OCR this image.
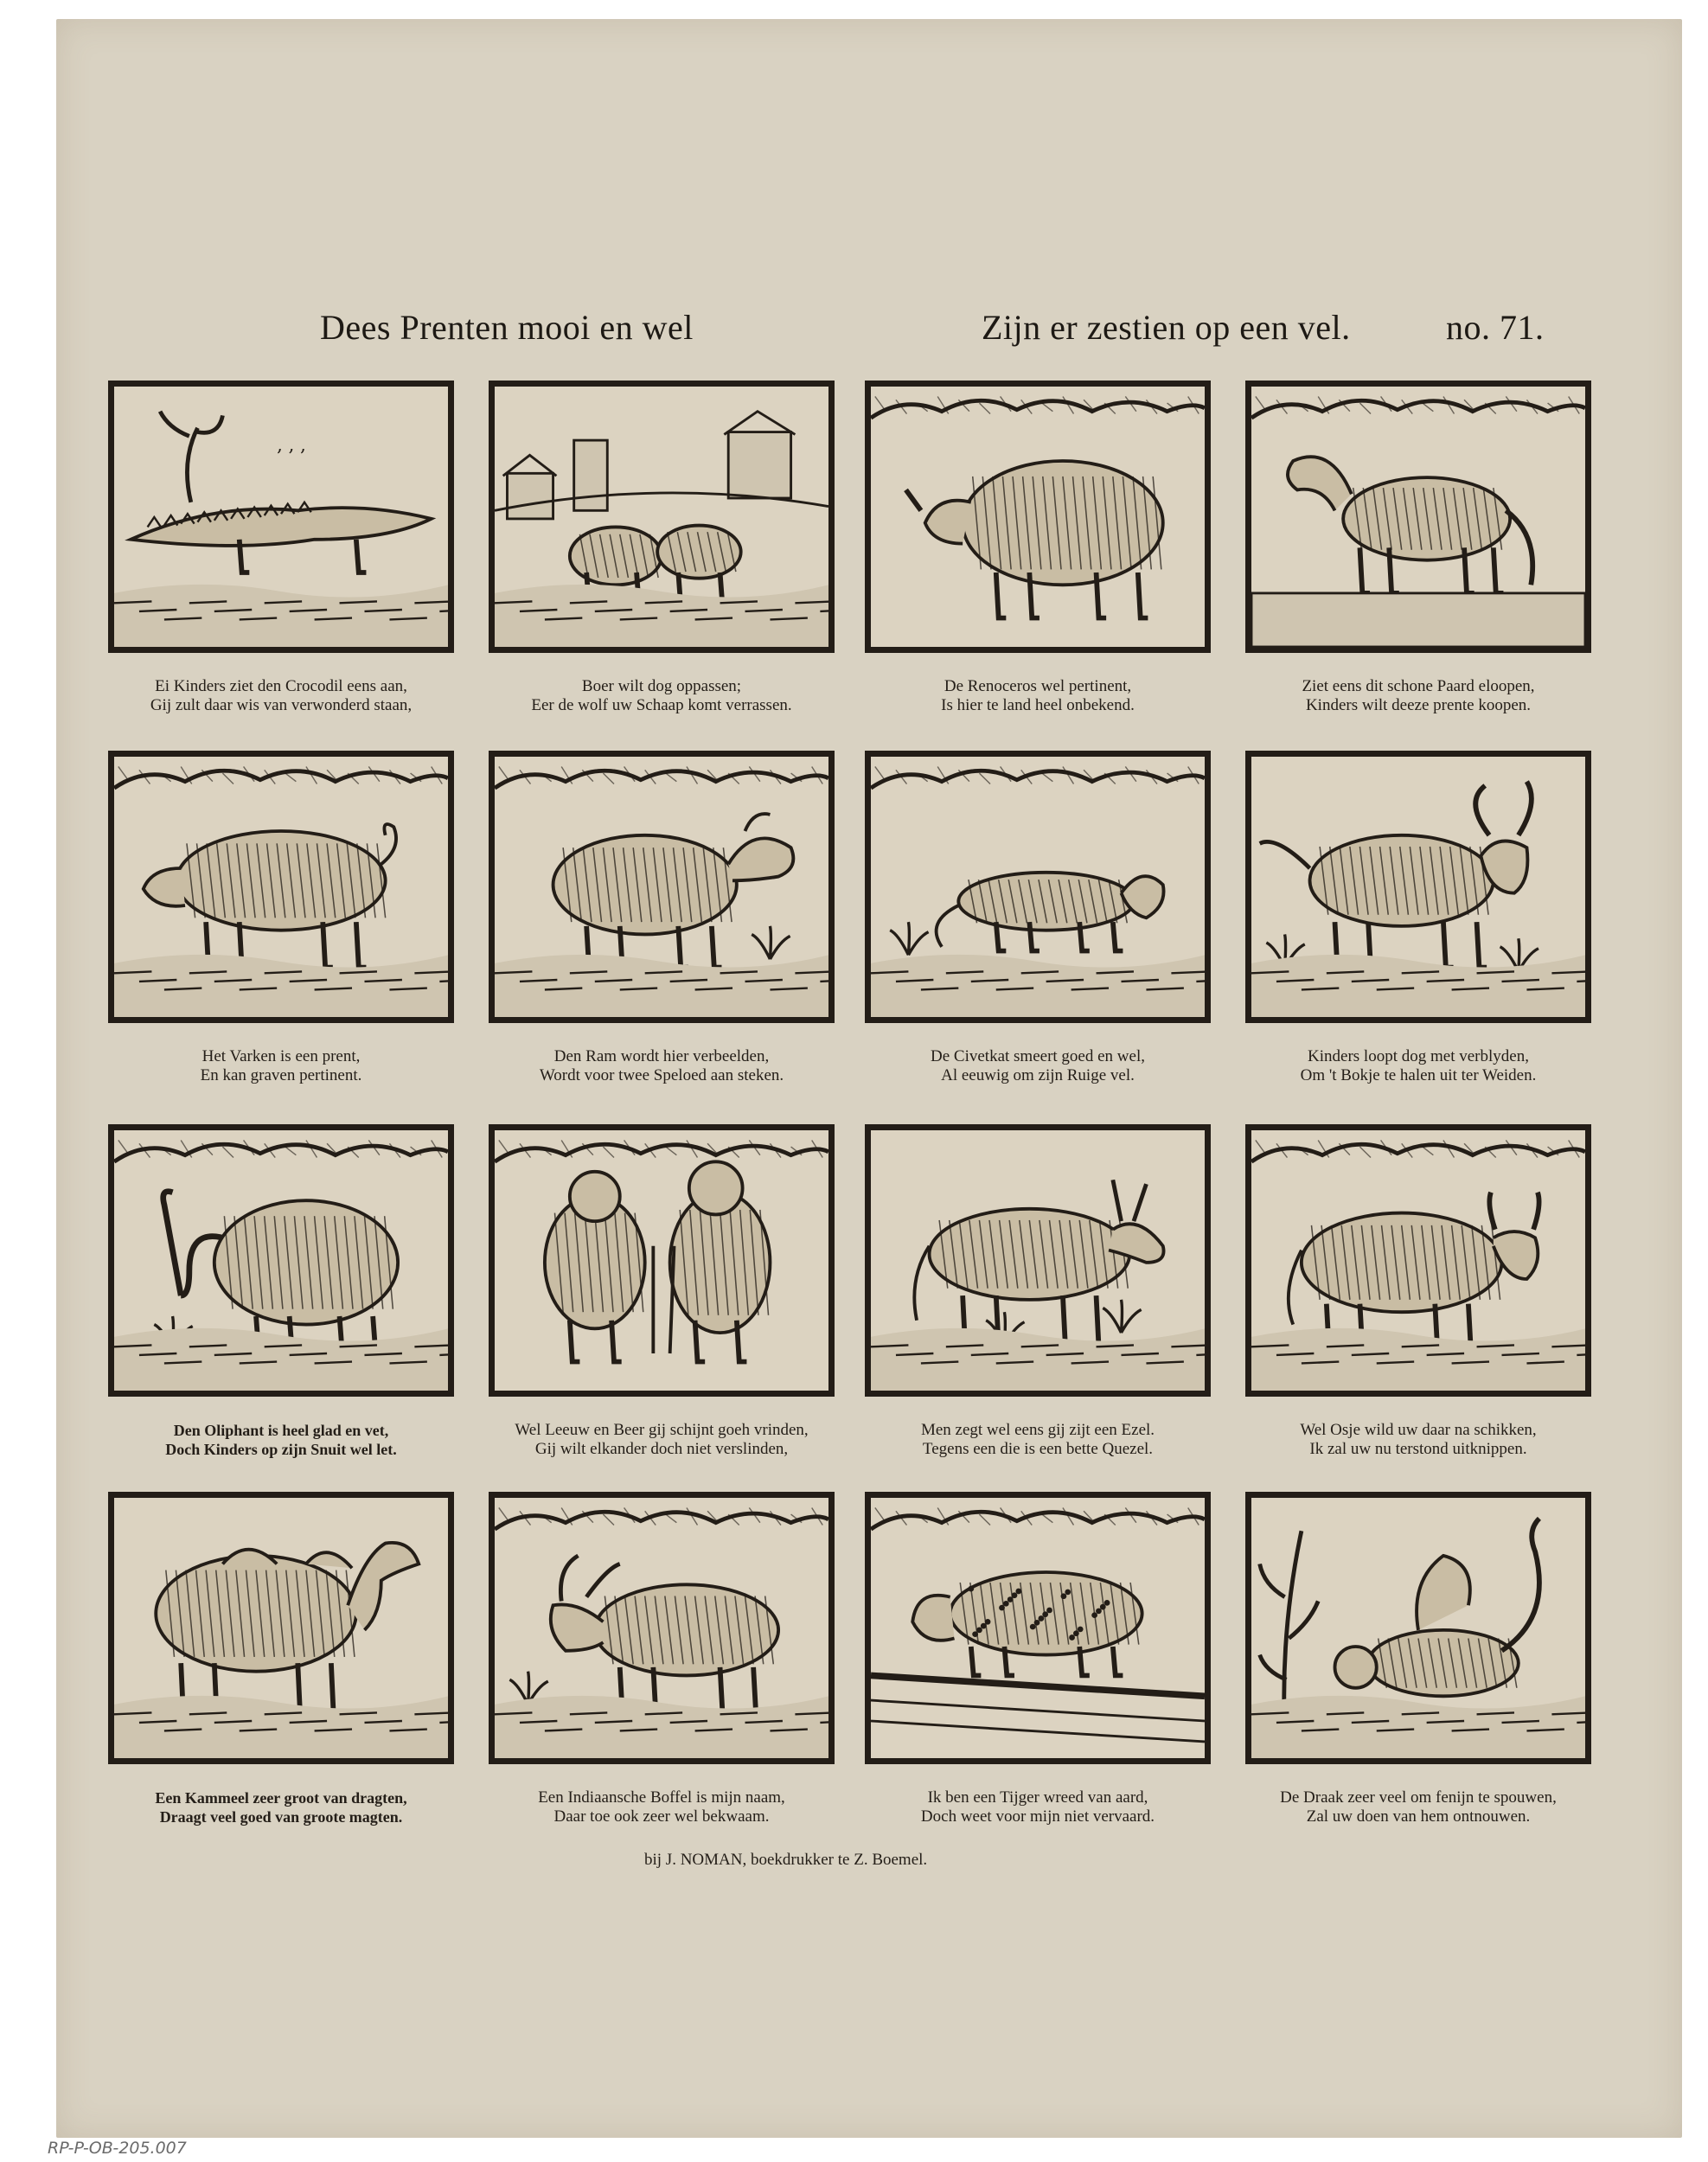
Dees Prenten mooi en wel	Zijn er zestien op een vel.	no. 71.
, , ,
Ei Kinders ziet den Crocodil eens aan,
Gij zult daar wis van verwonderd staan,
Boer wilt dog oppassen;
Eer de wolf uw Schaap komt verrassen.
De Renoceros wel pertinent,
Is hier te land heel onbekend.
Ziet eens dit schone Paard eloopen,
Kinders wilt deeze prente koopen.
Het Varken is een prent,
En kan graven pertinent.
Den Ram wordt hier verbeelden,
Wordt voor twee Speloed aan steken.
De Civetkat smeert goed en wel,
Al eeuwig om zijn Ruige vel.
Kinders loopt dog met verblyden,
Om 't Bokje te halen uit ter Weiden.
Den Oliphant is heel glad en vet,
Doch Kinders op zijn Snuit wel let.
Wel Leeuw en Beer gij schijnt goeh vrinden,
Gij wilt elkander doch niet verslinden,
Men zegt wel eens gij zijt een Ezel.
Tegens een die is een bette Quezel.
Wel Osje wild uw daar na schikken,
Ik zal uw nu terstond uitknippen.
Een Kammeel zeer groot van dragten,
Draagt veel goed van groote magten.
Een Indiaansche Boffel is mijn naam,
Daar toe ook zeer wel bekwaam.
Ik ben een Tijger wreed van aard,
Doch weet voor mijn niet vervaard.
De Draak zeer veel om fenijn te spouwen,
Zal uw doen van hem ontnouwen.
bij J. NOMAN, boekdrukker te Z. Boemel.
RP-P-OB-205.007
